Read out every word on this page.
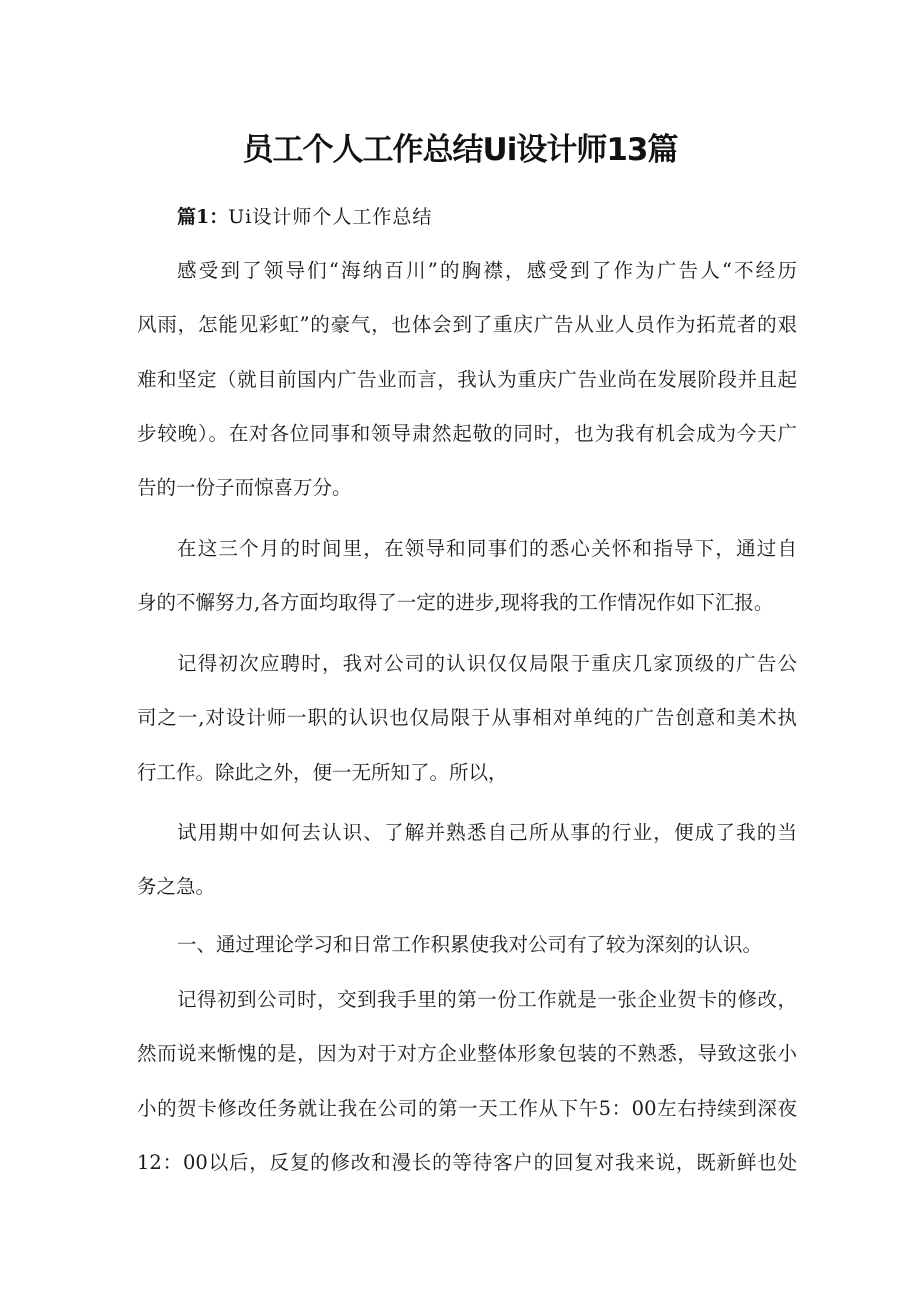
员工个人工作总结Ui设计师13篇
篇1：Ui设计师个人工作总结
感受到了领导们“海纳百川”的胸襟，感受到了作为广告人“不经历
风雨，怎能见彩虹”的豪气，也体会到了重庆广告从业人员作为拓荒者的艰
难和坚定（就目前国内广告业而言，我认为重庆广告业尚在发展阶段并且起
步较晚）。在对各位同事和领导肃然起敬的同时，也为我有机会成为今天广
告的一份子而惊喜万分。
在这三个月的时间里，在领导和同事们的悉心关怀和指导下，通过自
身的不懈努力,各方面均取得了一定的进步,现将我的工作情况作如下汇报。
记得初次应聘时，我对公司的认识仅仅局限于重庆几家顶级的广告公
司之一,对设计师一职的认识也仅局限于从事相对单纯的广告创意和美术执
行工作。除此之外，便一无所知了。所以，
试用期中如何去认识、了解并熟悉自己所从事的行业，便成了我的当
务之急。
一、通过理论学习和日常工作积累使我对公司有了较为深刻的认识。
记得初到公司时，交到我手里的第一份工作就是一张企业贺卡的修改，
然而说来惭愧的是，因为对于对方企业整体形象包装的不熟悉，导致这张小
小的贺卡修改任务就让我在公司的第一天工作从下午5：00左右持续到深夜
12：00以后，反复的修改和漫长的等待客户的回复对我来说，既新鲜也处
